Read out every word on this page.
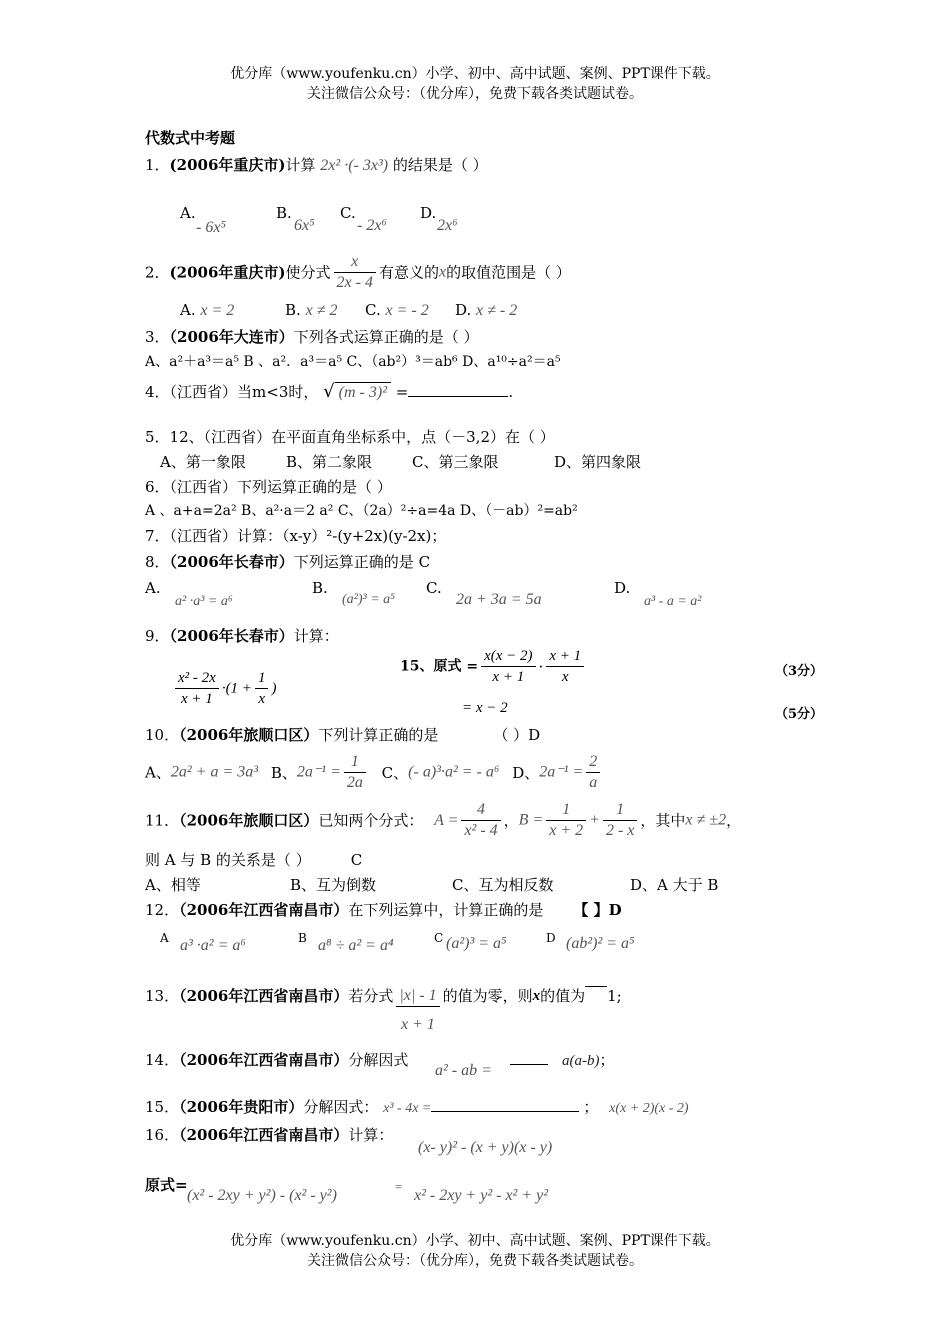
优分库（www.youfenku.cn）小学、初中、高中试题、案例、PPT课件下载。
关注微信公众号：（优分库），免费下载各类试题试卷。
代数式中考题
1．(2006年重庆市)计算 2x² ·(- 3x³) 的结果是（ ）
A.
- 6x⁵
B.
6x⁵
C.
- 2x⁶
D.
2x⁶
2．(2006年重庆市)使分式 $\frac{x}{2x - 4}$ 有意义的x的取值范围是（ ）
A. x = 2	B. x ≠ 2 C. x = - 2 D. x ≠ - 2
3．（2006年大连市）下列各式运算正确的是（ ）
A、a²＋a³＝a⁵ B 、a²．a³＝a⁵ C、（ab²）³＝ab⁶ D、a¹⁰÷a²＝a⁵
4．（江西省）当m<3时， √ (m - 3)² =	.
5．12、（江西省）在平面直角坐标系中，点（－3,2）在（ ）
A、第一象限	B、第二象限	C、第三象限	D、第四象限
6．（江西省）下列运算正确的是（ ）
A 、a+a=2a² B、a²·a＝2 a² C、（2a）²÷a=4a D、（－ab）²=ab²
7．（江西省）计算：（x-y）²-(y+2x)(y-2x)；
8．（2006年长春市）下列运算正确的是 C
A.
a² ·a³ = a⁶
B.
(a²)³ = a⁵
C.
2a + 3a = 5a
D.
a³ - a = a²
9．（2006年长春市）计算：
$\frac{\text{x² - 2x}}{x + 1} \cdot(1 + \frac{1}{x}$ )
15、原式 = $\frac{x(x - 2)}{x + 1} \cdot \frac{x + 1}{x}$
= x − 2
（3分）
（5分）
10．（2006年旅顺口区）下列计算正确的是	（ ）D
A、2a² + a = 3a³ B、$2a^{-1} = \frac{1}{2a}$ C、(- a)³·a² = - a⁶ D、$2a^{-1} = \frac{2}{a}$
11．（2006年旅顺口区）已知两个分式： $A = \frac{4}{\text{x² - 4}}$ ，$B = \frac{1}{x + 2} + \frac{1}{2 - x}$ ，其中x ≠ ±2，
则 A 与 B 的关系是（ ）	C
A、相等	B、互为倒数	C、互为相反数	D、A 大于 B
12．（2006年江西省南昌市）在下列运算中，计算正确的是 【 】D
A a³ ·a² = a⁶	B a⁸ ÷ a² = a⁴	C (a²)³ = a⁵	D (ab²)² = a⁵
13．（2006年江西省南昌市）若分式 $\frac{|x| - 1}{x + 1}$ 的值为零，则x的值为 1;
14．（2006年江西省南昌市）分解因式
a² - ab =
a(a-b)；
15．（2006年贵阳市）分解因式： x³ - 4x =	； x(x + 2)(x - 2)
16．（2006年江西省南昌市）计算：
(x- y)² - (x + y)(x - y)
原式=
(x² - 2xy + y²) - (x² - y²)
=
x² - 2xy + y² - x² + y²
优分库（www.youfenku.cn）小学、初中、高中试题、案例、PPT课件下载。
关注微信公众号：（优分库），免费下载各类试题试卷。
